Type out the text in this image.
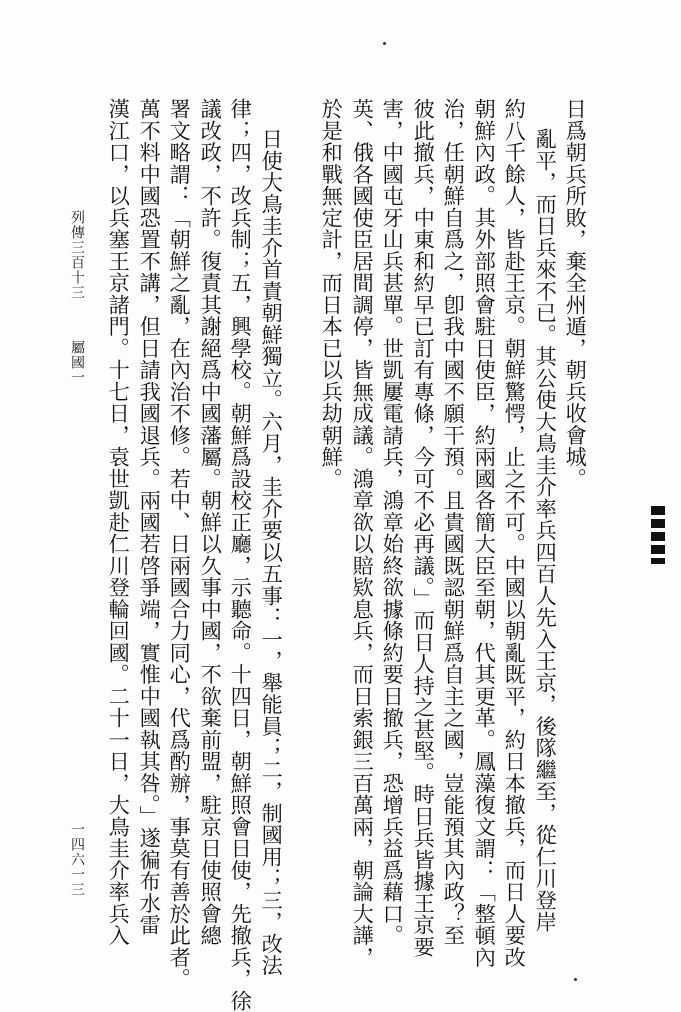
日爲朝兵所敗，棄全州遁，朝兵收會城。

亂平，而日兵來不已。其公使大鳥圭介率兵四百人先入王京，後隊繼至，從仁川登岸

約八千餘人，皆赴王京。朝鮮驚愕，止之不可。中國以朝亂既平，約日本撤兵，而日人要改

朝鮮內政。其外部照會駐日使臣，約兩國各簡大臣至朝，代其更革。鳳藻復文謂：「整頓內

治，任朝鮮自爲之，卽我中國不願干預。且貴國既認朝鮮爲自主之國，豈能預其內政？至

彼此撤兵，中東和約早已訂有專條，今可不必再議。」而日人持之甚堅。時日兵皆據王京要

害，中國屯牙山兵甚單。世凱屢電請兵，鴻章始終欲據條約要日撤兵，恐增兵益爲藉口。

英、俄各國使臣居間調停，皆無成議。鴻章欲以賠欵息兵，而日索銀三百萬兩，朝論大譁，

於是和戰無定計，而日本已以兵劫朝鮮。

日使大鳥圭介首責朝鮮獨立。六月，圭介要以五事：一，舉能員；二，制國用；三，改法

律；四，改兵制；五，興學校。朝鮮爲設校正廳，示聽命。十四日，朝鮮照會日使，先撤兵，徐

議改政，不許。復責其謝絕爲中國藩屬。朝鮮以久事中國，不欲棄前盟，駐京日使照會總

署文略謂：「朝鮮之亂，在內治不修。若中、日兩國合力同心，代爲酌辦，事莫有善於此者。

萬不料中國恐置不講，但日請我國退兵。兩國若啓爭端，實惟中國執其咎。」遂徧布水雷

漢江口，以兵塞王京諸門。十七日，袁世凱赴仁川登輪回國。二十一日，大鳥圭介率兵入

列傳三百十三

屬國一

一四六一三
